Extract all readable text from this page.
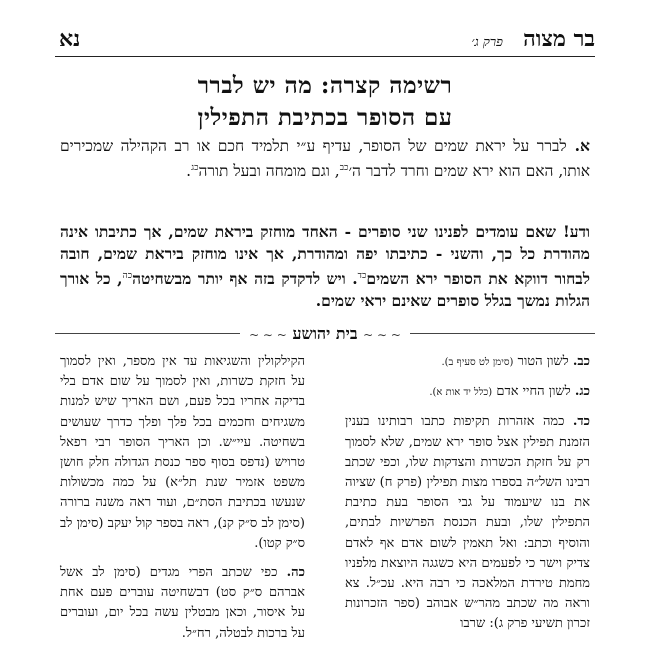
בר מצוה
פרק ג׳
נא
רשימה קצרה: מה יש לברר
עם הסופר בכתיבת התפילין
א. לברר על יראת שמים של הסופר, עדיף ע״י תלמיד חכם או רב הקהילה שמכירים אותו, האם הוא ירא שמים וחרד לדבר ה׳$^{כב}$, וגם מומחה ובעל תורה$^{כג}$.
ודע! שאם עומדים לפנינו שני סופרים - האחד מוחזק ביראת שמים, אך כתיבתו אינה מהודרת כל כך, והשני - כתיבתו יפה ומהודרת, אך אינו מוחזק ביראת שמים, חובה לבחור דווקא את הסופר ירא השמים$^{כד}$. ויש לדקדק בזה אף יותר מבשחיטה$^{כה}$, כל אורך הגלות נמשך בגלל סופרים שאינם יראי שמים.
~ ∽ ~ בית יהושע ~ ∽ ~

כב. לשון הטור (סימן לט סעיף ב).

כג. לשון החיי אדם (כלל יד אות א).

כד. כמה אזהרות תקיפות כתבו רבותינו בענין הזמנת תפילין אצל סופר ירא שמים, שלא לסמוך רק על חזקת הכשרות והצדקות שלו, וכפי שכתב רבינו השל״ה בספרו מצות תפילין (פרק ח) שציוה את בנו שיעמוד על גבי הסופר בעת כתיבת התפילין שלו, ובעת הכנסת הפרשיות לבתים, והוסיף וכתב: ואל תאמין לשום אדם אף לאדם צדיק וישר כי לפעמים היא כשגגה היוצאת מלפניו מחמת טירדת המלאכה כי רבה היא. עכ״ל. צא וראה מה שכתב מהר״ש אבוהב (ספר הזכרונות זכרון תשיעי פרק ג): שרבו

הקילקולין והשגיאות עד אין מספר, ואין לסמוך על חזקת כשרות, ואין לסמוך על שום אדם בלי בדיקה אחריו בכל פעם, ושם האריך שיש למנות משגיחים וחכמים בכל פלך ופלך כדרך שעושים בשחיטה. עיי״ש. וכן האריך הסופר רבי רפאל טרויש (נדפס בסוף ספר כנסת הגדולה חלק חושן משפט אזמיר שנת תל״א) על כמה מכשולות שנעשו בכתיבת הסת״ם, ועוד ראה משנה ברורה (סימן לב ס״ק קנ), ראה בספר קול יעקב (סימן לב ס״ק קטו).

כה. כפי שכתב הפרי מגדים (סימן לב אשל אברהם ס״ק סט) דבשחיטה עוברים פעם אחת על איסור, וכאן מבטלין עשה בכל יום, ועוברים על ברכות לבטלה, רח״ל.
